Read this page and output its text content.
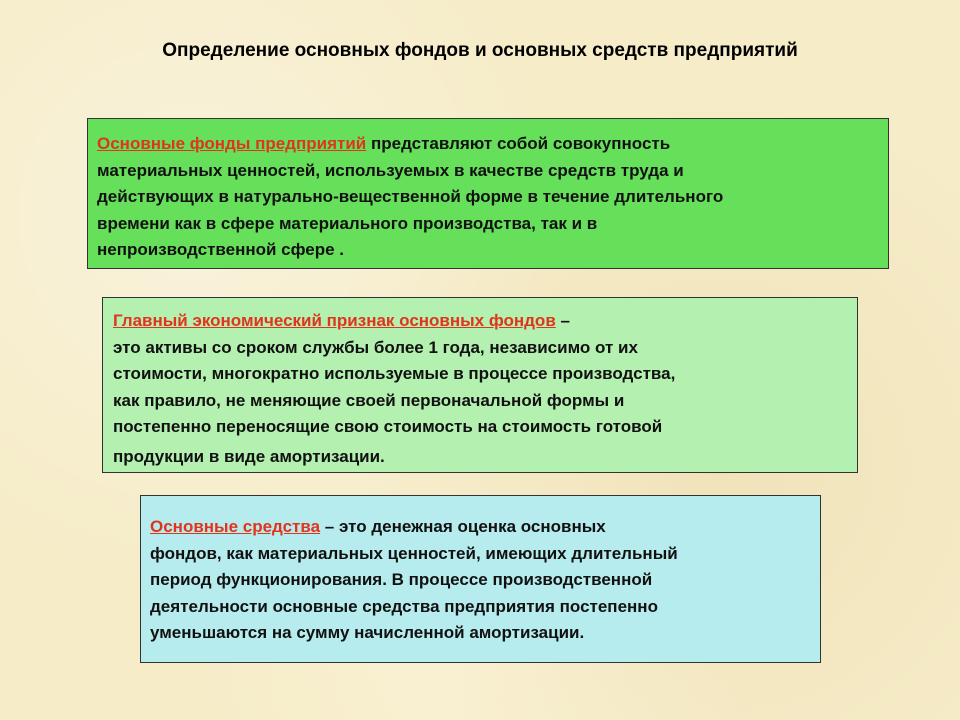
Определение основных фондов и основных средств предприятий
Основные фонды предприятий представляют собой совокупность
материальных ценностей, используемых в качестве средств труда и
действующих в натурально-вещественной форме в течение длительного
времени как в сфере материального производства, так и в
непроизводственной сфере .
Главный экономический признак основных фондов –
это активы со сроком службы более 1 года, независимо от их
стоимости, многократно используемые в процессе производства,
как правило, не меняющие своей первоначальной формы и
постепенно переносящие свою стоимость на стоимость готовой
продукции в виде амортизации.
Основные средства – это денежная оценка основных
фондов, как материальных ценностей, имеющих длительный
период функционирования. В процессе производственной
деятельности основные средства предприятия постепенно
уменьшаются на сумму начисленной амортизации.
